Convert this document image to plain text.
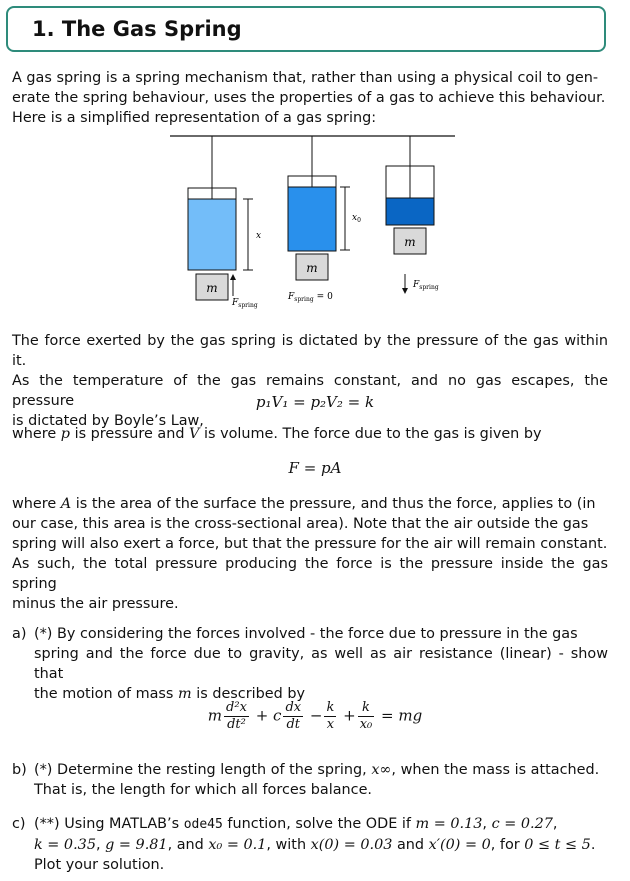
1. The Gas Spring

A gas spring is a spring mechanism that, rather than using a physical coil to gen-
erate the spring behaviour, uses the properties of a gas to achieve this behaviour.
Here is a simplified representation of a gas spring:

m
x
$F_{spring}$
m
$x_0$
$F_{spring} = 0$
m
$F_{spring}$

The force exerted by the gas spring is dictated by the pressure of the gas within it.
As the temperature of the gas remains constant, and no gas escapes, the pressure
is dictated by Boyle’s Law,

p₁V₁ = p₂V₂ = k

where p is pressure and V is volume. The force due to the gas is given by

F = pA

where A is the area of the surface the pressure, and thus the force, applies to (in
our case, this area is the cross-sectional area). Note that the air outside the gas
spring will also exert a force, but that the pressure for the air will remain constant.
As such, the total pressure producing the force is the pressure inside the gas spring
minus the air pressure.

a) (*) By considering the forces involved - the force due to pressure in the gas
spring and the force due to gravity, as well as air resistance (linear) - show that
the motion of mass m is described by
m $\frac{\text{d²x}}{\text{dt²}} + c \frac{dx}{dt} - \frac{k}{x} + \frac{k}{\text{x₀}}$ = mg
b) (*) Determine the resting length of the spring, x∞, when the mass is attached.
That is, the length for which all forces balance.
c) (**) Using MATLAB’s ode45 function, solve the ODE if m = 0.13, c = 0.27,
k = 0.35, g = 9.81, and x₀ = 0.1, with x(0) = 0.03 and x′(0) = 0, for 0 ≤ t ≤ 5.
Plot your solution.
